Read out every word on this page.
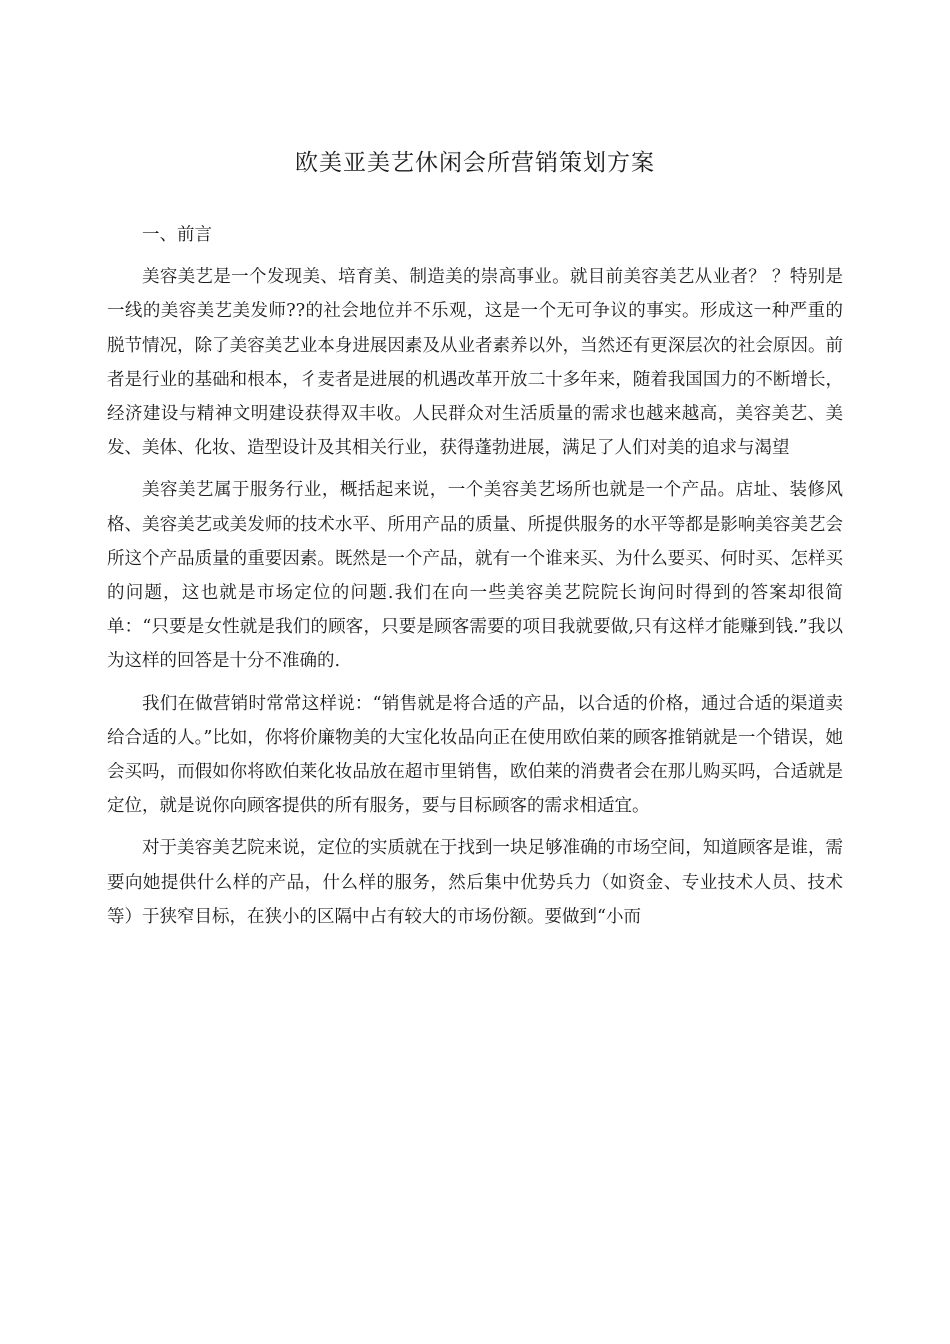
欧美亚美艺休闲会所营销策划方案

一、前言

美容美艺是一个发现美、培育美、制造美的崇高事业。就目前美容美艺从业者？ ？特别是一线的美容美艺美发师??的社会地位并不乐观，这是一个无可争议的事实。形成这一种严重的脱节情况，除了美容美艺业本身进展因素及从业者素养以外，当然还有更深层次的社会原因。前者是行业的基础和根本，彳麦者是进展的机遇改革开放二十多年来，随着我国国力的不断增长，经济建设与精神文明建设获得双丰收。人民群众对生活质量的需求也越来越高，美容美艺、美发、美体、化妆、造型设计及其相关行业，获得蓬勃进展，满足了人们对美的追求与渴望

美容美艺属于服务行业，概括起来说，一个美容美艺场所也就是一个产品。店址、装修风格、美容美艺或美发师的技术水平、所用产品的质量、所提供服务的水平等都是影响美容美艺会所这个产品质量的重要因素。既然是一个产品，就有一个谁来买、为什么要买、何时买、怎样买的问题，这也就是市场定位的问题.我们在向一些美容美艺院院长询问时得到的答案却很简单：“只要是女性就是我们的顾客，只要是顾客需要的项目我就要做,只有这样才能赚到钱.”我以为这样的回答是十分不准确的.

我们在做营销时常常这样说：“销售就是将合适的产品，以合适的价格，通过合适的渠道卖给合适的人。”比如，你将价廉物美的大宝化妆品向正在使用欧伯莱的顾客推销就是一个错误，她会买吗，而假如你将欧伯莱化妆品放在超市里销售，欧伯莱的消费者会在那儿购买吗，合适就是定位，就是说你向顾客提供的所有服务，要与目标顾客的需求相适宜。

对于美容美艺院来说，定位的实质就在于找到一块足够准确的市场空间，知道顾客是谁，需要向她提供什么样的产品，什么样的服务，然后集中优势兵力（如资金、专业技术人员、技术等）于狭窄目标，在狭小的区隔中占有较大的市场份额。要做到“小而
